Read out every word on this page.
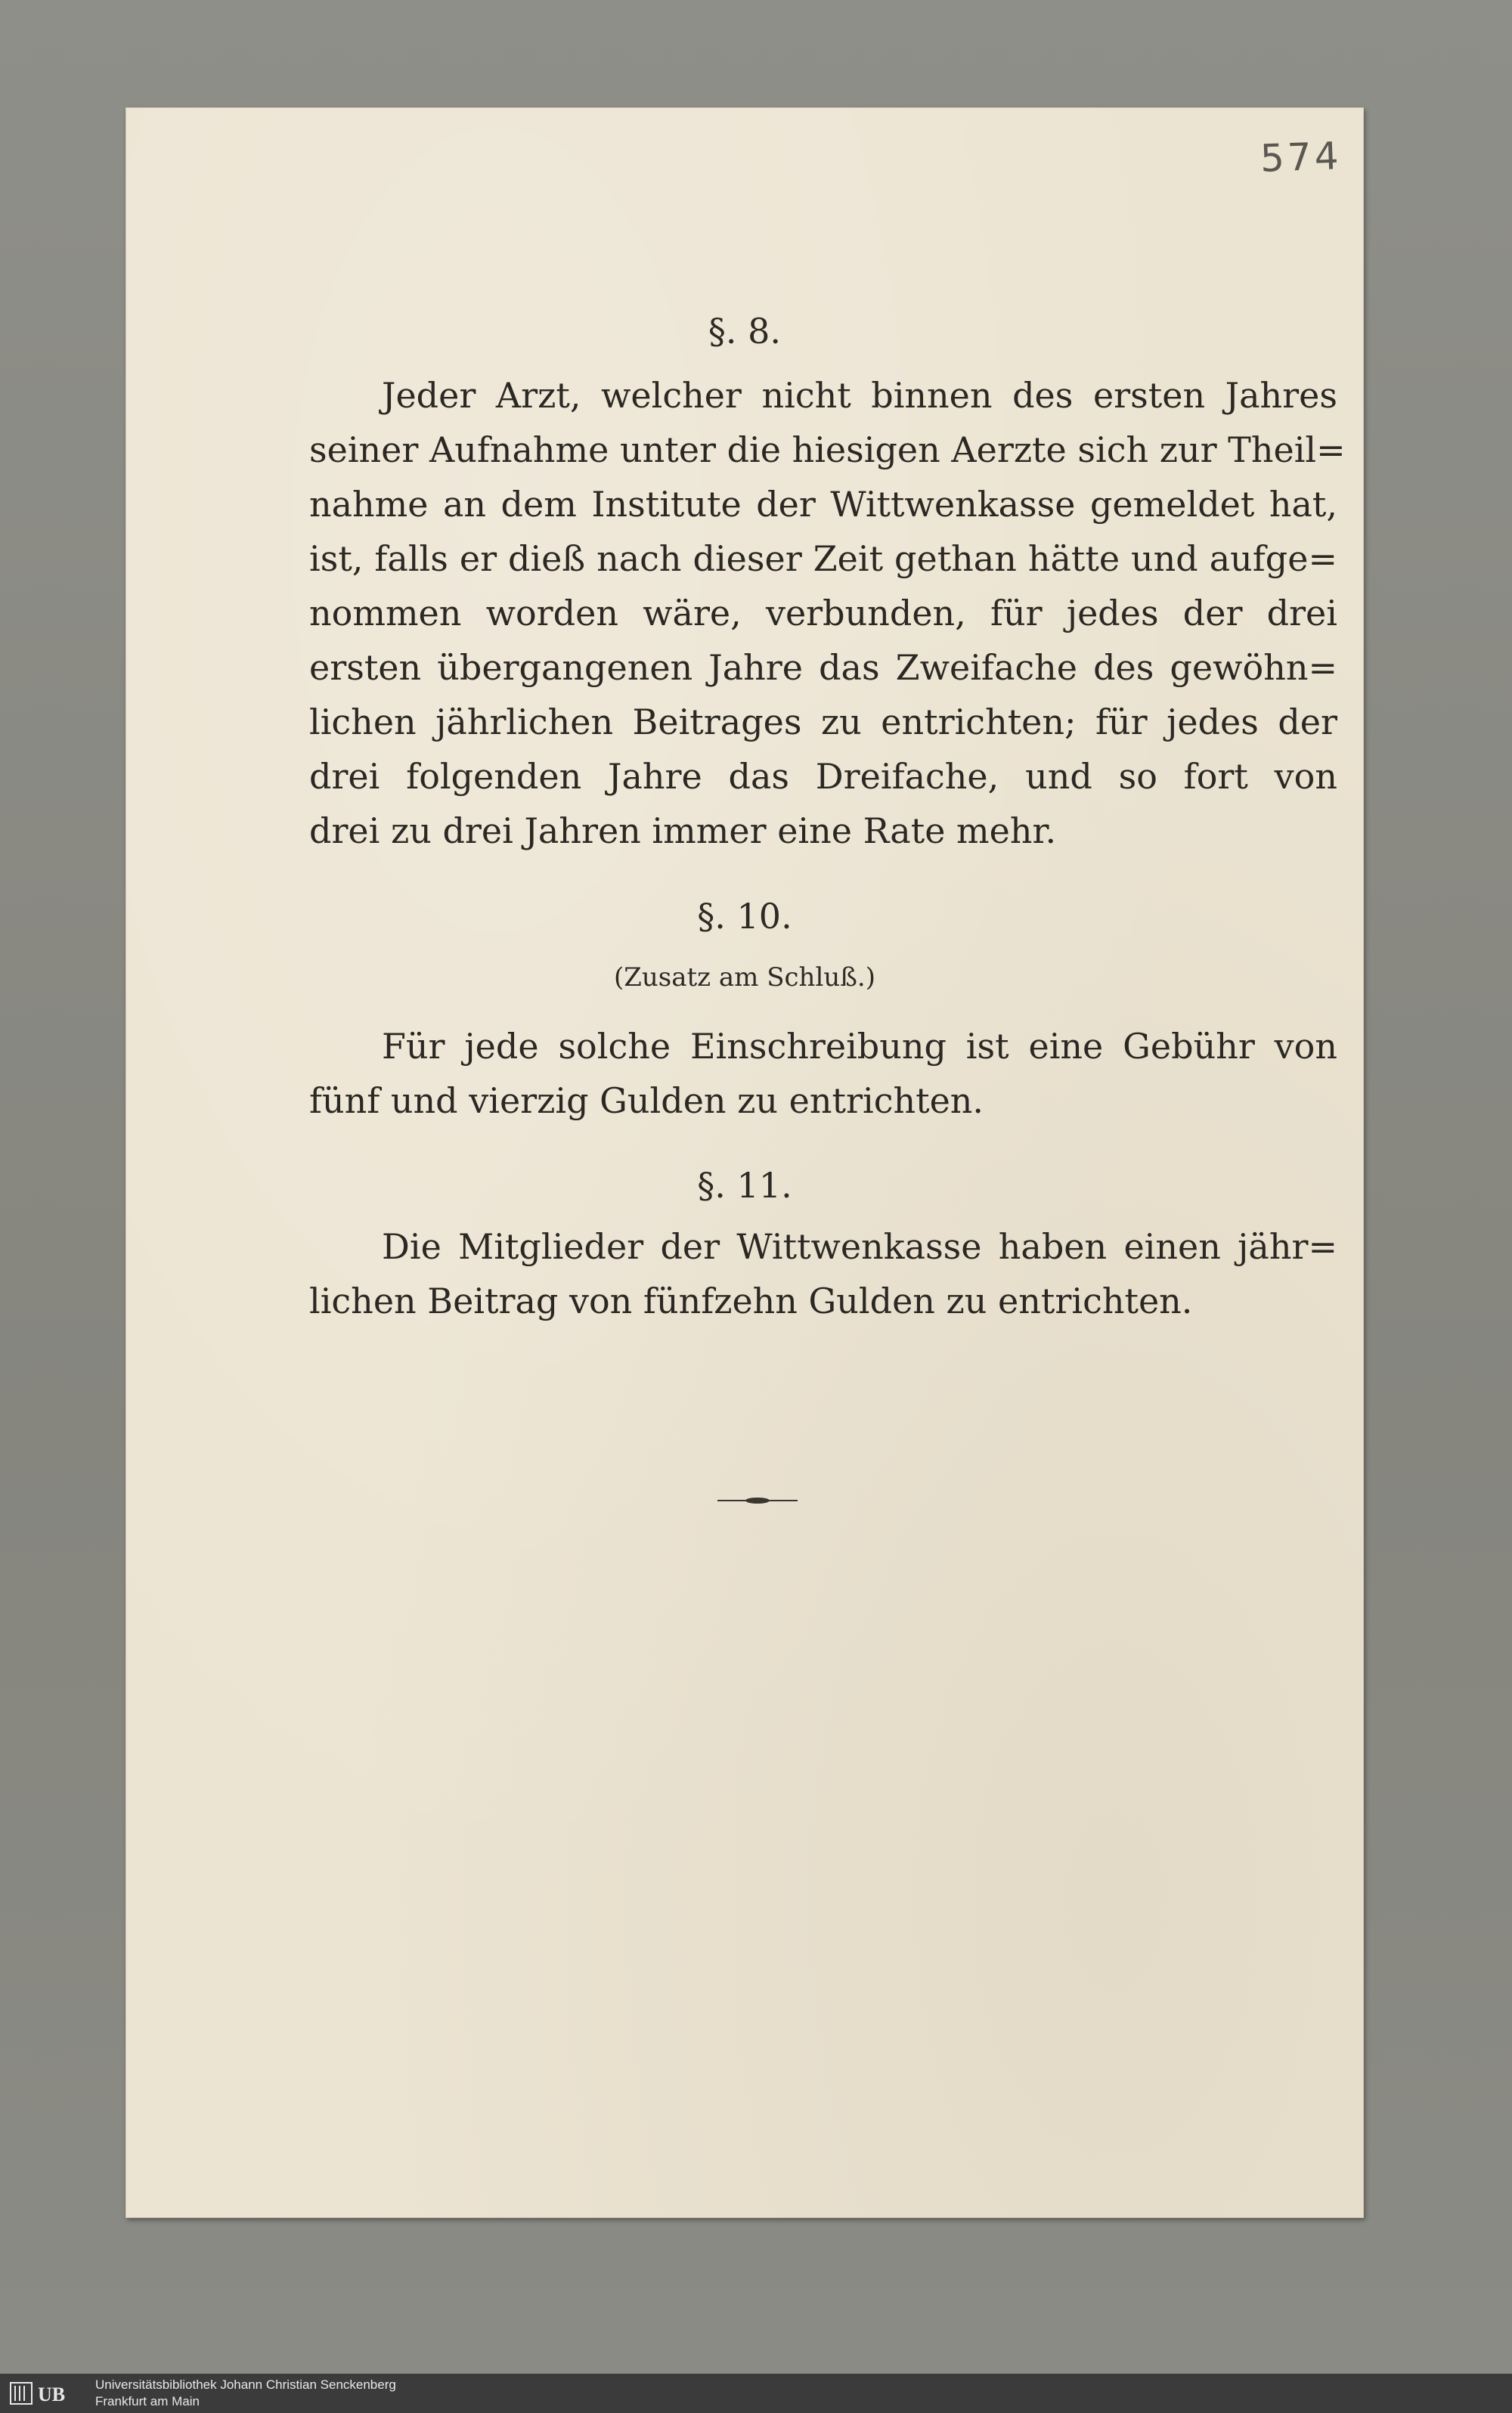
574
§. 8.
Jeder Arzt, welcher nicht binnen des ersten Jahres
seiner Aufnahme unter die hiesigen Aerzte sich zur Theil=
nahme an dem Institute der Wittwenkasse gemeldet hat,
ist, falls er dieß nach dieser Zeit gethan hätte und aufge=
nommen worden wäre, verbunden, für jedes der drei
ersten übergangenen Jahre das Zweifache des gewöhn=
lichen jährlichen Beitrages zu entrichten; für jedes der
drei folgenden Jahre das Dreifache, und so fort von
drei zu drei Jahren immer eine Rate mehr.
§. 10.
(Zusatz am Schluß.)
Für jede solche Einschreibung ist eine Gebühr von
fünf und vierzig Gulden zu entrichten.
§. 11.
Die Mitglieder der Wittwenkasse haben einen jähr=
lichen Beitrag von fünfzehn Gulden zu entrichten.
UB Universitätsbibliothek Johann Christian Senckenberg
Frankfurt am Main
